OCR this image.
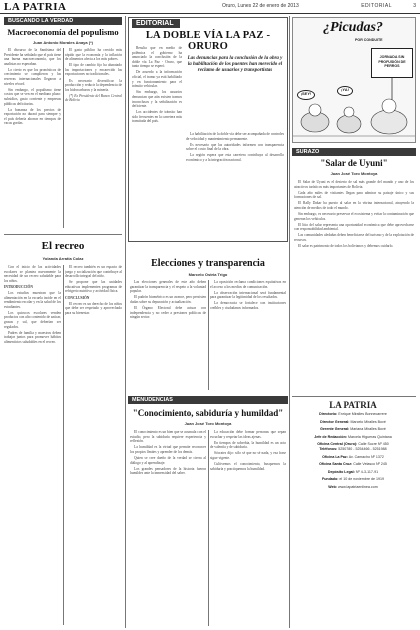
LA PATRIA	Oruro, Lunes 22 de enero de 2013	EDITORIAL	3
BUSCANDO LA VERDAD
Macroeconomía del populismo
Juan Antonio Morales Anaya (*)

El discurso de la Santísima del Presidente ha señalado que el país tiene una buena macroeconomía, que los analistas no esperaban.

Lo cierto es que los pronósticos de crecimiento se cumplieron y las reservas internacionales llegaron a niveles récord.

Sin embargo, el populismo tiene costos que se ven en el mediano plazo: subsidios, gasto corriente y empresas públicas deficitarias.

La bonanza de los precios de exportación no durará para siempre y el país debería ahorrar en tiempos de vacas gordas.

El gasto público ha crecido más rápido que la economía y la inflación de alimentos afecta a los más pobres.

El tipo de cambio fijo ha abaratado las importaciones y encarecido las exportaciones no tradicionales.

Es necesario diversificar la producción y reducir la dependencia de los hidrocarburos y la minería.

(*) Ex Presidente del Banco Central de Bolivia

El recreo
Yolanda Arratia Colaz

Con el inicio de las actividades escolares se plantea nuevamente la necesidad de un recreo saludable para los niños.

INTRODUCCIÓN

Los estudios muestran que la alimentación en la escuela incide en el rendimiento escolar y en la salud de los estudiantes.

Los quioscos escolares venden productos con alto contenido de azúcar, grasas y sal, que deberían ser regulados.

Padres de familia y maestros deben trabajar juntos para promover hábitos alimenticios saludables en el recreo.

El recreo también es un espacio de juego y socialización que contribuye al desarrollo integral del niño.

Se propone que las unidades educativas implementen programas de refrigerio nutritivo y actividad física.

CONCLUSIÓN

El recreo es un derecho de los niños que debe ser respetado y aprovechado para su bienestar.

EDITORIAL
LA DOBLE VÍA LA PAZ - ORURO

Resulta que en medio de polémica el gobierno ha anunciado la conclusión de la doble vía La Paz - Oruro, que tanto tiempo se esperó.

De acuerdo a la información oficial, el tramo ya está habilitado y en funcionamiento para el tránsito vehicular.

Sin embargo, los usuarios denuncian que aún existen tramos inconclusos y la señalización es deficiente.

Los accidentes de tránsito han sido frecuentes en la carretera más transitada del país.

Las denuncias para la conclusión de la obra y la habilitación de los puentes han merecido el reclamo de usuarios y transportistas

La habilitación de la doble vía debe ser acompañada de controles de velocidad y mantenimiento permanente.

Es necesario que las autoridades informen con transparencia sobre el costo final de la obra.

La región espera que esta carretera contribuya al desarrollo económico y a la integración nacional.

Elecciones y transparencia
Marcelo Ostria Trigo

Las elecciones generales de este año deben garantizar la transparencia y el respeto a la voluntad popular.

El padrón biométrico es un avance, pero persisten dudas sobre su depuración y actualización.

El Órgano Electoral debe actuar con independencia y no ceder a presiones políticas de ningún sector.

La oposición reclama condiciones equitativas en el acceso a los medios de comunicación.

La observación internacional será fundamental para garantizar la legitimidad de los resultados.

La democracia se fortalece con instituciones creíbles y ciudadanos informados.

MENUDENCIAS
"Conocimiento, sabiduría y humildad"
Juan José Toro Montoya

El conocimiento es un bien que se acumula con el estudio, pero la sabiduría requiere experiencia y reflexión.

La humildad es la virtud que permite reconocer los propios límites y aprender de los demás.

Quien se cree dueño de la verdad se cierra al diálogo y al aprendizaje.

Los grandes pensadores de la historia fueron humildes ante la inmensidad del saber.

La educación debe formar personas que sepan escuchar y respetar las ideas ajenas.

En tiempos de soberbia, la humildad es un acto de valentía y de sabiduría.

Sócrates dijo: sólo sé que no sé nada, y esa frase sigue vigente.

Cultivemos el conocimiento, busquemos la sabiduría y practiquemos la humildad.

¿Picudas?
POR CONDUITE
JORNADA SIN PROFUSIÓN DE PERROS
¡SEY!
¡YA!
SURAZO
"Salar de Uyuni"
Juan José Toro Montoya

El Salar de Uyuni es el desierto de sal más grande del mundo y uno de los atractivos turísticos más importantes de Bolivia.

Cada año miles de visitantes llegan para admirar su paisaje único y sus formaciones de sal.

El Rally Dakar ha puesto al salar en la vitrina internacional, atrayendo la atención de medios de todo el mundo.

Sin embargo, es necesario preservar el ecosistema y evitar la contaminación que generan los vehículos.

El litio del salar representa una oportunidad económica que debe aprovecharse con responsabilidad ambiental.

Las comunidades aledañas deben beneficiarse del turismo y de la explotación de recursos.

El salar es patrimonio de todos los bolivianos y debemos cuidarlo.

LA PATRIA
Directorio: Enrique Miralles Bonnecarrere
Director General: Marcelo Miralles Bové
Gerente General: Mariana Miralles Bové
Jefe de Redacción: Marcela Higueras Quintana
Oficina Central (Oruro): Calle Sucre Nº 450
Teléfonos: 5250780 - 5254466 - 5251988
Oficina La Paz: Av. Camacho Nº 1372
Oficina Santa Cruz: Calle Velasco Nº 245
Depósito Legal: Nº 4-3-117-91
Fundado: el 10 de noviembre de 1919
Web: www.lapatriaenlinea.com
